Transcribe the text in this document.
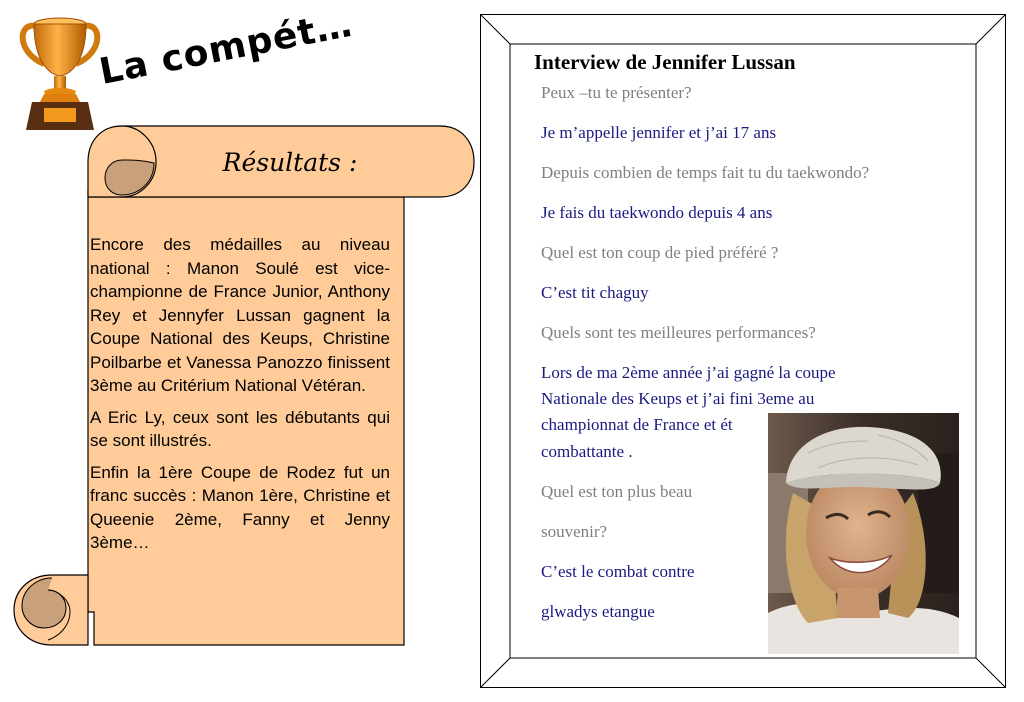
La compét…
Résultats :

Encore des médailles au niveau national : Manon Soulé est vice-championne de France Junior, Anthony Rey et Jennyfer Lussan gagnent la Coupe National des Keups, Christine Poilbarbe et Vanessa Panozzo finissent 3ème au Critérium National Vétéran.

A Eric Ly, ceux sont les débutants qui se sont illustrés.

Enfin la 1ère Coupe de Rodez fut un franc succès : Manon 1ère, Christine et Queenie 2ème, Fanny et Jenny 3ème…

Interview de Jennifer Lussan

Peux –tu te présenter?

Je m’appelle jennifer et j’ai 17 ans

Depuis combien de temps fait tu du taekwondo?

Je fais du taekwondo depuis 4 ans

Quel est ton coup de pied préféré ?

C’est tit chaguy

Quels sont tes meilleures performances?

Lors de ma 2ème année j’ai gagné la coupe

Nationale des Keups et j’ai fini 3eme au

championnat de France et ét

combattante .

Quel est ton plus beau

souvenir?

C’est le combat contre

glwadys etangue
